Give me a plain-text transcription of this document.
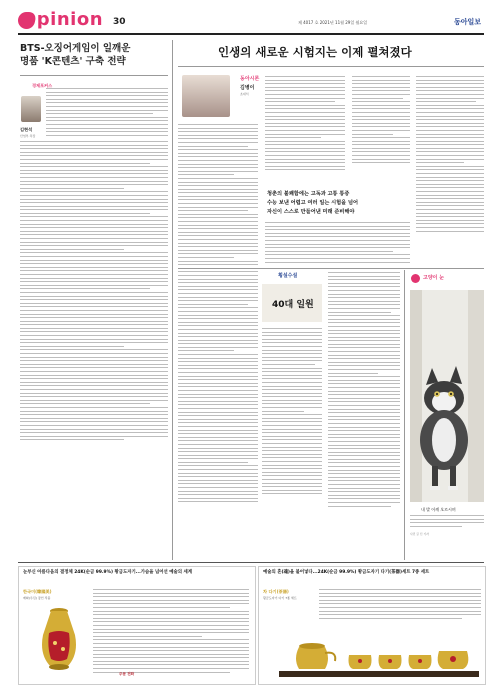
Opinion 30	제 4017 호 2021년 11월 29일 월요일	동아일보
BTS-오징어게임이 일깨운
명품 'K콘텐츠' 구축 전략
경제포커스
김현석
산업부 차장
인생의 새로운 시험지는 이제 펼쳐졌다
동아시론
김병이
초대석
청춘의 불쾌함에는 고독과 고통 통증
수능 보낸 어렵고 여러 일는 시험을 넘어
자신이 스스로 만들어낸 미래 준비해야
횡설수설
40대 일원
고양이 눈
내 발 어깨 오르시며
사진 글 신 기자
눈부신 아름다움의 결정체 24K(순금 99.9%) 황금도자기...가슴을 넘어선 예술의 세계
한국미(韓國美)
매화(우림) 장인 작품
주문 전화
예술의 혼(魂)을 불어넣다...24K(순금 99.9%) 황금도자기 다기(茶器)세트 7종 세트
차 다기(茶器)
황금도자기 다기 7종 세트
